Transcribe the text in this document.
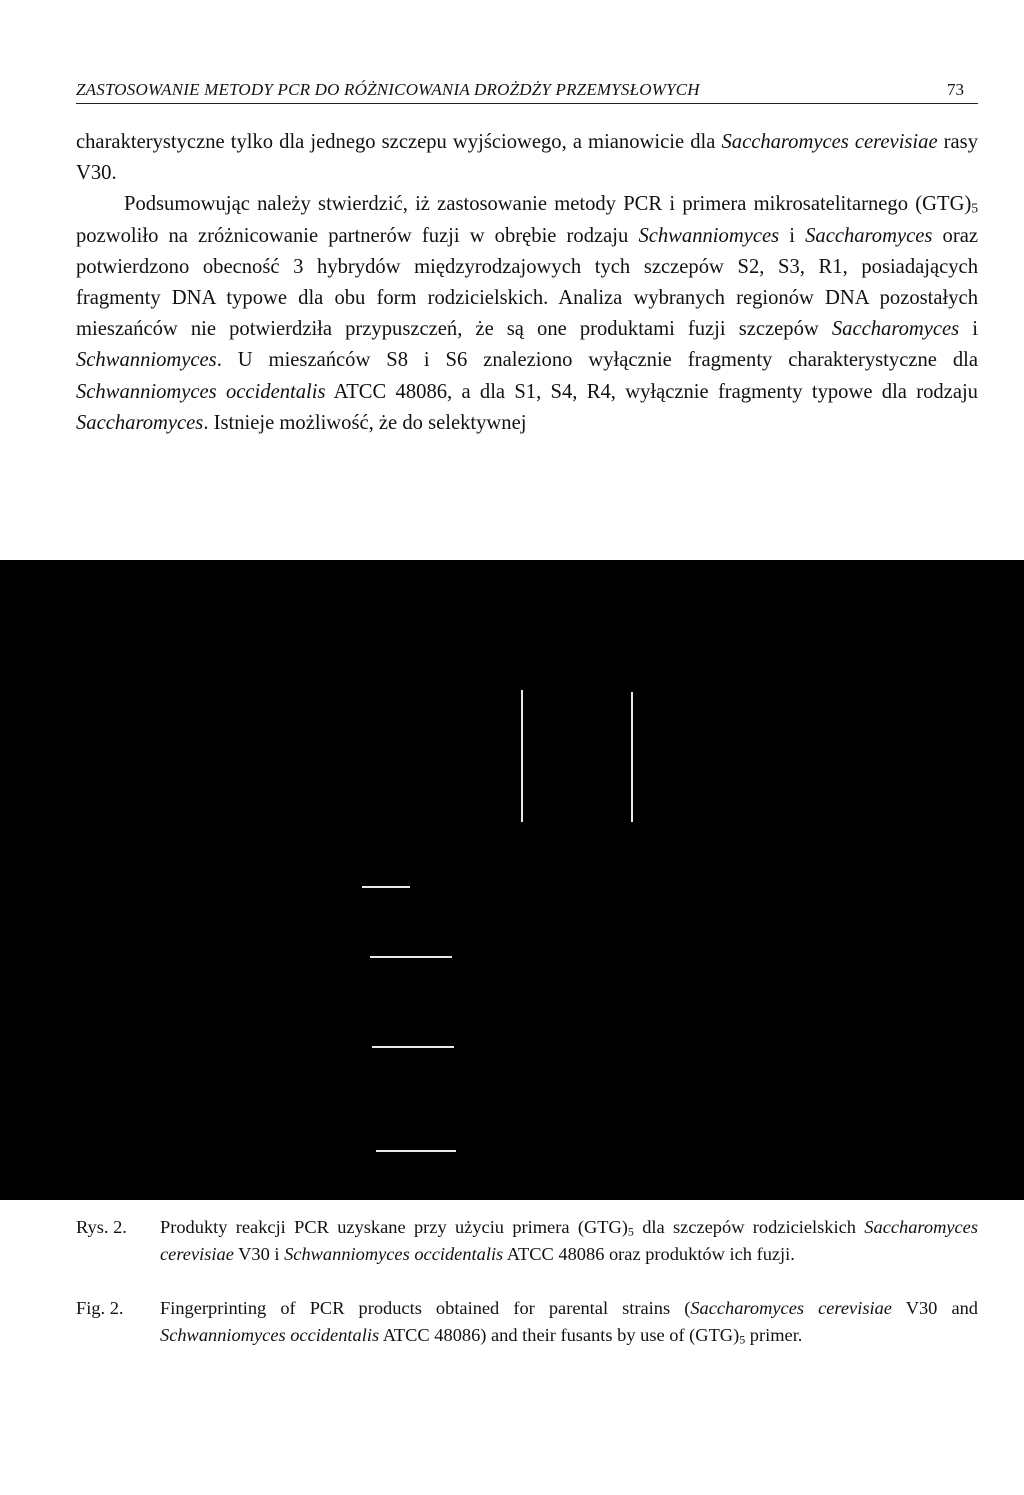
ZASTOSOWANIE METODY PCR DO RÓŻNICOWANIA DROŻDŻY PRZEMYSŁOWYCH	73

charakterystyczne tylko dla jednego szczepu wyjściowego, a mianowicie dla Saccharomyces cerevisiae rasy V30.

Podsumowując należy stwierdzić, iż zastosowanie metody PCR i primera mikrosatelitarnego $(GTG)_5$ pozwoliło na zróżnicowanie partnerów fuzji w obrębie rodzaju Schwanniomyces i Saccharomyces oraz potwierdzono obecność 3 hybrydów międzyrodzajowych tych szczepów S2, S3, R1, posiadających fragmenty DNA typowe dla obu form rodzicielskich. Analiza wybranych regionów DNA pozostałych mieszańców nie potwierdziła przypuszczeń, że są one produktami fuzji szczepów Saccharomyces i Schwanniomyces. U mieszańców S8 i S6 znaleziono wyłącznie fragmenty charakterystyczne dla Schwanniomyces occidentalis ATCC 48086, a dla S1, S4, R4, wyłącznie fragmenty typowe dla rodzaju Saccharomyces. Istnieje możliwość, że do selektywnej

Rys. 2.	Produkty reakcji PCR uzyskane przy użyciu primera $(GTG)_5$ dla szczepów rodzicielskich Saccharomyces cerevisiae V30 i Schwanniomyces occidentalis ATCC 48086 oraz produktów ich fuzji.
Fig. 2.	Fingerprinting of PCR products obtained for parental strains (Saccharomyces cerevisiae V30 and Schwanniomyces occidentalis ATCC 48086) and their fusants by use of $(GTG)_5$ primer.
